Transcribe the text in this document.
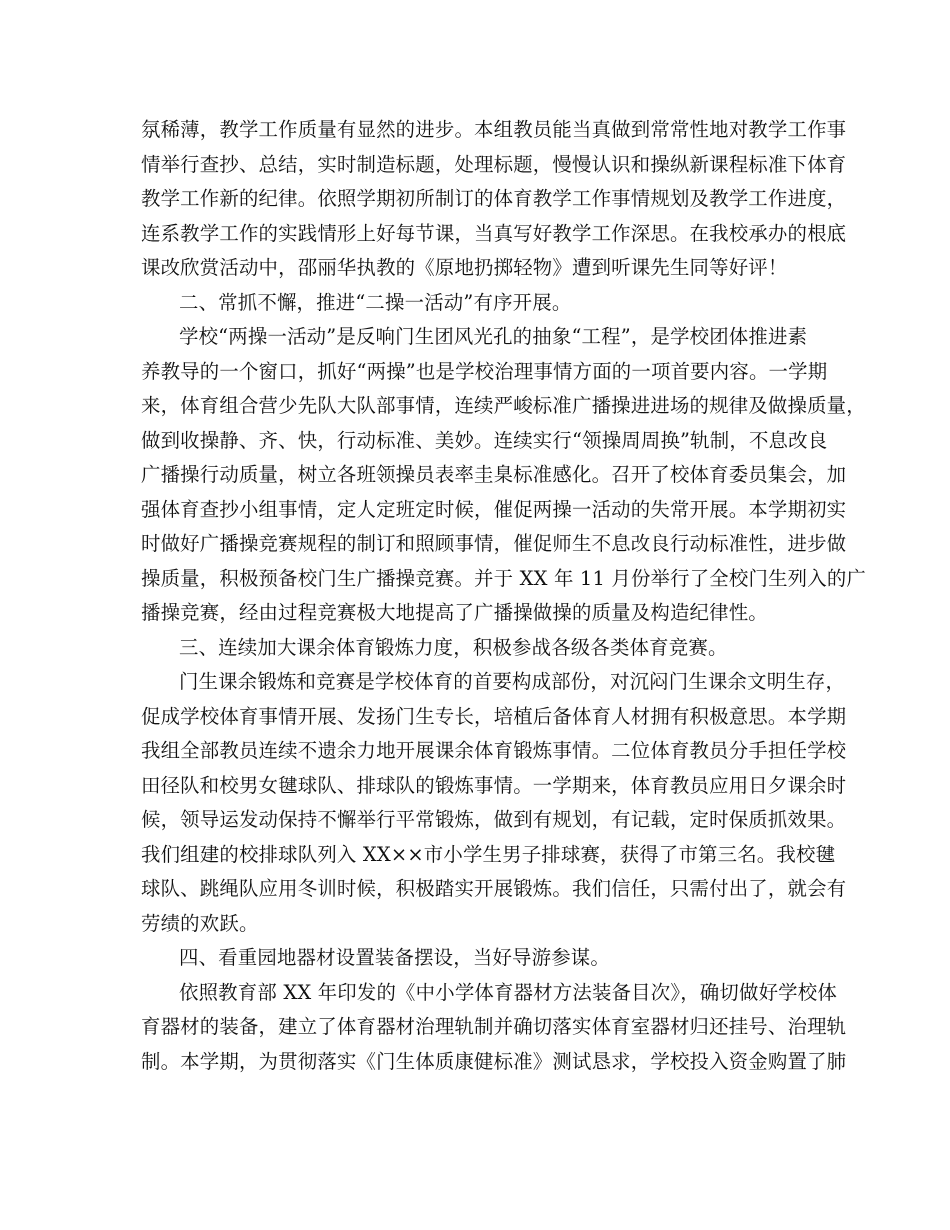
氛稀薄，教学工作质量有显然的进步。本组教员能当真做到常常性地对教学工作事
情举行查抄、总结，实时制造标题，处理标题，慢慢认识和操纵新课程标准下体育
教学工作新的纪律。依照学期初所制订的体育教学工作事情规划及教学工作进度，
连系教学工作的实践情形上好每节课，当真写好教学工作深思。在我校承办的根底
课改欣赏活动中，邵丽华执教的《原地扔掷轻物》遭到听课先生同等好评！
二、常抓不懈，推进“二操一活动”有序开展。
学校“两操一活动”是反响门生团风光孔的抽象“工程”，是学校团体推进素
养教导的一个窗口，抓好“两操”也是学校治理事情方面的一项首要内容。一学期
来，体育组合营少先队大队部事情，连续严峻标准广播操进进场的规律及做操质量，
做到收操静、齐、快，行动标准、美妙。连续实行“领操周周换”轨制，不息改良
广播操行动质量，树立各班领操员表率圭臬标准感化。召开了校体育委员集会，加
强体育查抄小组事情，定人定班定时候，催促两操一活动的失常开展。本学期初实
时做好广播操竞赛规程的制订和照顾事情，催促师生不息改良行动标准性，进步做
操质量，积极预备校门生广播操竞赛。并于 XX 年 11 月份举行了全校门生列入的广
播操竞赛，经由过程竞赛极大地提高了广播操做操的质量及构造纪律性。
三、连续加大课余体育锻炼力度，积极参战各级各类体育竞赛。
门生课余锻炼和竞赛是学校体育的首要构成部份，对沉闷门生课余文明生存，
促成学校体育事情开展、发扬门生专长，培植后备体育人材拥有积极意思。本学期
我组全部教员连续不遗余力地开展课余体育锻炼事情。二位体育教员分手担任学校
田径队和校男女毽球队、排球队的锻炼事情。一学期来，体育教员应用日夕课余时
候，领导运发动保持不懈举行平常锻炼，做到有规划，有记载，定时保质抓效果。
我们组建的校排球队列入 XX××市小学生男子排球赛，获得了市第三名。我校毽
球队、跳绳队应用冬训时候，积极踏实开展锻炼。我们信任，只需付出了，就会有
劳绩的欢跃。
四、看重园地器材设置装备摆设，当好导游参谋。
依照教育部 XX 年印发的《中小学体育器材方法装备目次》，确切做好学校体
育器材的装备，建立了体育器材治理轨制并确切落实体育室器材归还挂号、治理轨
制。本学期，为贯彻落实《门生体质康健标准》测试恳求，学校投入资金购置了肺
